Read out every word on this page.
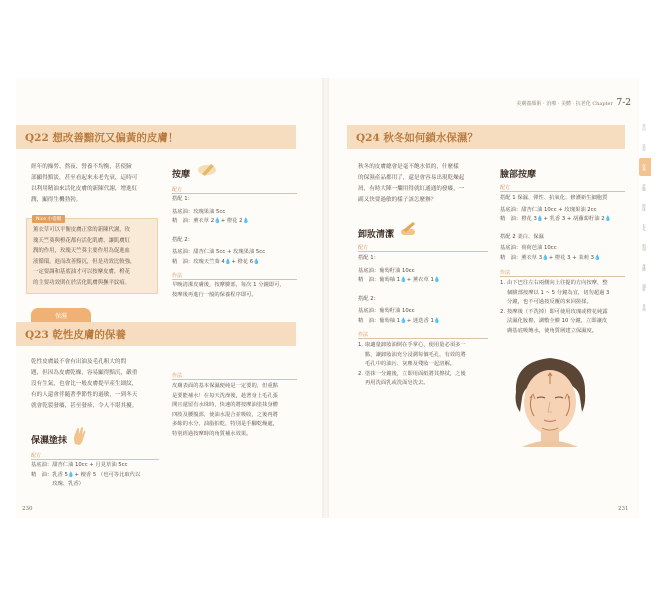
美膚養顏術 · 治療 · 美體 · 抗老化 Chapter 7-2
Q22 想改善黯沉又偏黃的皮膚！
經年的操勞、熬夜、營養不均衡，甚使臉
部顯得黯淡，甚至看起來未老先衰，這時可
以利用精油來活化皮膚的新陳代謝，增進紅
潤，顯得生機勃勃。
Nice 小提醒
薰衣草可以平衡皮膚正常的新陳代謝，玫
瑰天竺葵與橙花都有活化肌膚、讓肌膚紅
潤的作用，玫瑰天竺葵主要作用為促進血
液循環，進而改善黯沉，但是功效比較強，
一定要調和基底油才可以按摩皮膚，橙花
的主要功效則在於活化肌膚與撫平紋痕。
按摩
配方
搭配 1：
基底油：玫瑰果油 5cc
精　油：薰衣草 2💧+ 橙花 2💧
搭配 2：
基底油：甜杏仁油 5cc + 玫瑰果油 5cc
精　油：玫瑰天竺葵 4💧+ 橙花 6💧
作法
早晚清潔皮膚後，按摩臉部，每次 1 分鐘即可，
按摩後再進行一般的保養程序即可。
保濕
Q23 乾性皮膚的保養
乾性皮膚最不會有出油及毛孔粗大的問
題，但因為皮膚乾燥，容易顯得黯沉，嚴重
沒有生氣，也會比一般皮膚提早產生細紋，
有的人還會伴隨著季節性的過敏，一到冬天
就會乾裂發癢，甚至發疹，令人不堪其擾。
保濕塗抹
配方
基底油：甜杏仁油 10cc + 月見草油 5cc
精　油：乳香 5💧+ 檀香 5 （也可等比取代以
　　　　玫瑰、乳香）
作法
皮膚表面的基本保濕便純是一定要的，但重點
是要能補水！在每天洗澡後，趁著身上毛孔張
開且還留有水珠時，快速的將按摩油塗抹身體
四肢及腰腹部，使油水混合並吸收，之後再將
多餘的水分，油脂拍乾，特別是手腳乾燥處，
特別經過按摩時的角質補水效果。
230
Q24 秋冬如何鎖水保濕？
秋冬的皮膚總會是毫不飽水似的，什麼樣
的保濕產品都用了，還是會容易出現乾燥起
屑，有時大陣一爛用得就紅通通的發癢，一
副又快要過敏的樣子該怎麼辦？
卸妝清潔
配方
搭配 1：
基底油：葡萄籽油 10cc
精　油：葡萄柚 1💧+ 薰衣草 1💧
搭配 2：
基底油：葡萄籽油 10cc
精　油：葡萄柚 1💧+ 迷迭香 1💧
作法
1. 取適量卸妝油倒在手掌心，使用量必須多一
點，讓卸妝油充分浸潤每個毛孔，有效的將
毛孔中的油污、灰塵及殘妝一起溶解。
2. 塗抹一分鐘後，立即用面紙將其擦拭，之後
再用洗面乳或洗面皂洗去。
臉部按摩
配方
搭配 1 保濕、彈性、抗氧化、修護新生細胞質
基底油：甜杏仁油 10cc + 玫瑰果油 2cc
精　油：橙花 3💧+ 乳香 3 + 胡蘿蔔籽油 2💧
搭配 2 柔白、保濕
基底油：荷荷芭油 10cc
精　油：薰衣草 3💧+ 橙花 3 + 茉莉 3💧
作法
1. 由下巴往左右兩側向上往提的方向按摩，整
個臉部按摩以 1 ~ 5 分鐘為宜，切勿超過 3
分鐘，也不可過按反覆的來回搓揉。
2. 按摩後（不洗掉）即可使用玫瑰或橙花純露
法濕化妝棉，調敷全臉 10 分鐘，立即讓皮
膚基底吸飽水，使角質層建立保濕度。
231
美白
抗痘
保濕
抗皺
除斑
毛孔
眼周
身體
頭髮
其他
